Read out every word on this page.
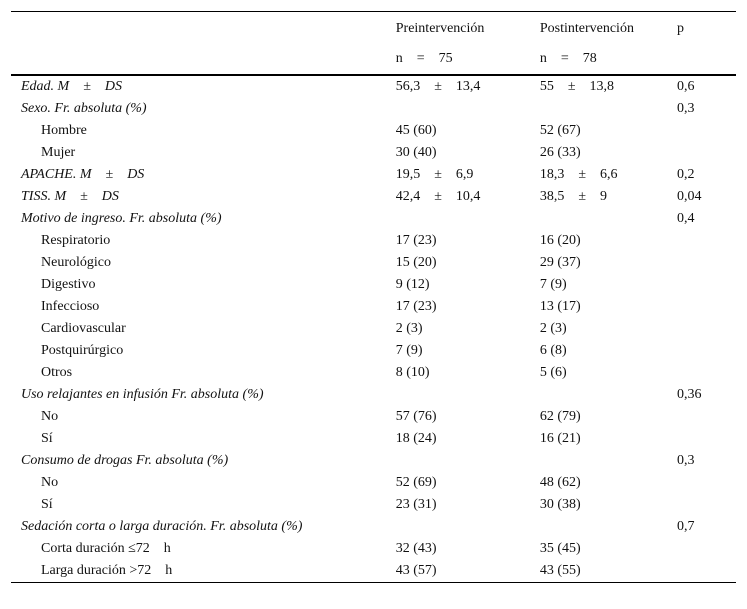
	Preintervención	Postintervención	p
	n = 75	n = 78	
Edad. M ± DS	56,3 ± 13,4	55 ± 13,8	0,6
Sexo. Fr. absoluta (%)			0,3
Hombre	45 (60)	52 (67)	
Mujer	30 (40)	26 (33)	
APACHE. M ± DS	19,5 ± 6,9	18,3 ± 6,6	0,2
TISS. M ± DS	42,4 ± 10,4	38,5 ± 9	0,04
Motivo de ingreso. Fr. absoluta (%)			0,4
Respiratorio	17 (23)	16 (20)	
Neurológico	15 (20)	29 (37)	
Digestivo	9 (12)	7 (9)	
Infeccioso	17 (23)	13 (17)	
Cardiovascular	2 (3)	2 (3)	
Postquirúrgico	7 (9)	6 (8)	
Otros	8 (10)	5 (6)	
Uso relajantes en infusión Fr. absoluta (%)			0,36
No	57 (76)	62 (79)	
Sí	18 (24)	16 (21)	
Consumo de drogas Fr. absoluta (%)			0,3
No	52 (69)	48 (62)	
Sí	23 (31)	30 (38)	
Sedación corta o larga duración. Fr. absoluta (%)			0,7
Corta duración ≤72 h	32 (43)	35 (45)	
Larga duración >72 h	43 (57)	43 (55)	
